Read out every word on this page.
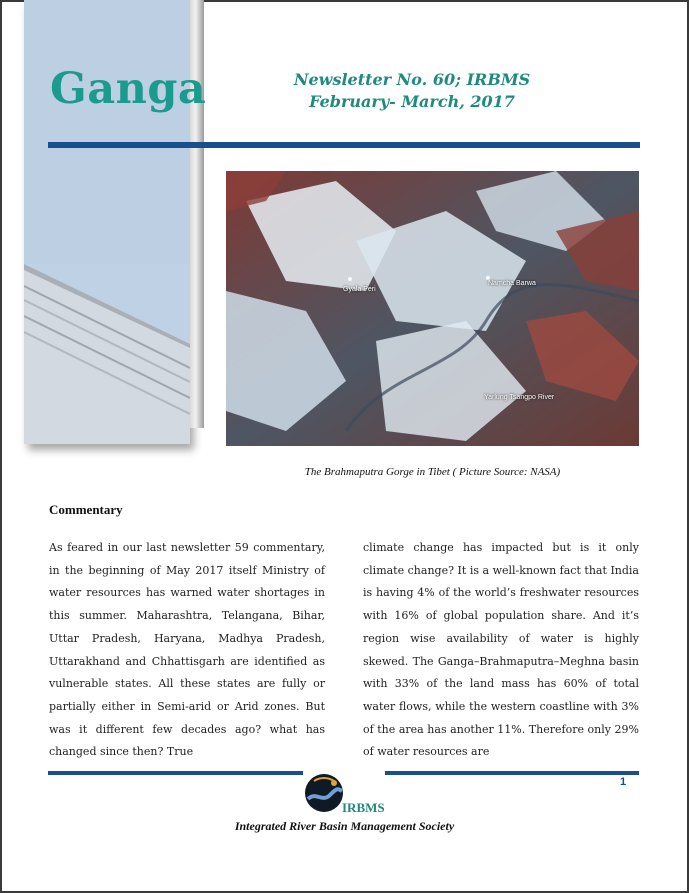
Ganga	Newsletter No. 60; IRBMS
February- March, 2017
Gyala Peri
Namcha Barwa
Yarlung Tsangpo River
The Brahmaputra Gorge in Tibet ( Picture Source: NASA)
Commentary

As feared in our last newsletter 59 commentary, in the beginning of May 2017 itself Ministry of water resources has warned water shortages in this summer. Maharashtra, Telangana, Bihar, Uttar Pradesh, Haryana, Madhya Pradesh, Uttarakhand and Chhattisgarh are identified as vulnerable states. All these states are fully or partially either in Semi-arid or Arid zones. But was it different few decades ago? what has changed since then? True

climate change has impacted but is it only climate change? It is a well-known fact that India is having 4% of the world’s freshwater resources with 16% of global population share. And it’s region wise availability of water is highly skewed. The Ganga–Brahmaputra–Meghna basin with 33% of the land mass has 60% of total water flows, while the western coastline with 3% of the area has another 11%. Therefore only 29% of water resources are

1
IRBMS
Integrated River Basin Management Society
